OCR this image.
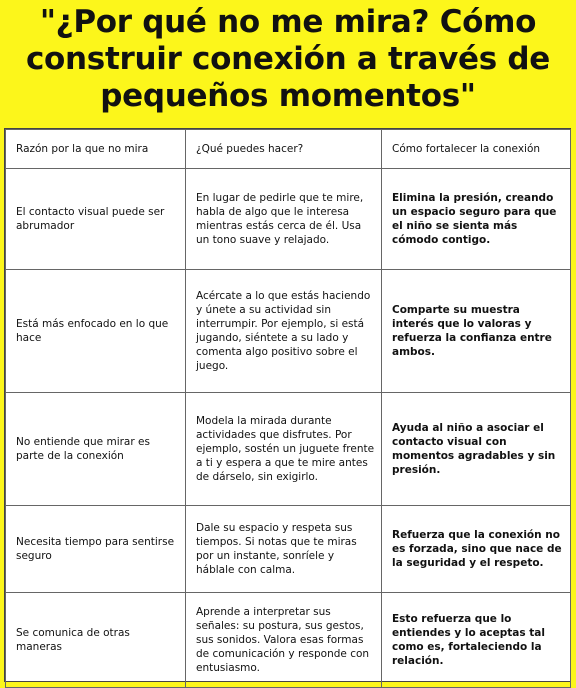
"¿Por qué no me mira? Cómo construir conexión a través de pequeños momentos"
Razón por la que no mira	¿Qué puedes hacer?	Cómo fortalecer la conexión
El contacto visual puede ser abrumador	En lugar de pedirle que te mire, habla de algo que le interesa mientras estás cerca de él. Usa un tono suave y relajado.	Elimina la presión, creando un espacio seguro para que el niño se sienta más cómodo contigo.
Está más enfocado en lo que hace	Acércate a lo que estás haciendo y únete a su actividad sin interrumpir. Por ejemplo, si está jugando, siéntete a su lado y comenta algo positivo sobre el juego.	Comparte su muestra interés que lo valoras y refuerza la confianza entre ambos.
No entiende que mirar es parte de la conexión	Modela la mirada durante actividades que disfrutes. Por ejemplo, sostén un juguete frente a ti y espera a que te mire antes de dárselo, sin exigirlo.	Ayuda al niño a asociar el contacto visual con momentos agradables y sin presión.
Necesita tiempo para sentirse seguro	Dale su espacio y respeta sus tiempos. Si notas que te miras por un instante, sonríele y háblale con calma.	Refuerza que la conexión no es forzada, sino que nace de la seguridad y el respeto.
Se comunica de otras maneras	Aprende a interpretar sus señales: su postura, sus gestos, sus sonidos. Valora esas formas de comunicación y responde con entusiasmo.	Esto refuerza que lo entiendes y lo aceptas tal como es, fortaleciendo la relación.
